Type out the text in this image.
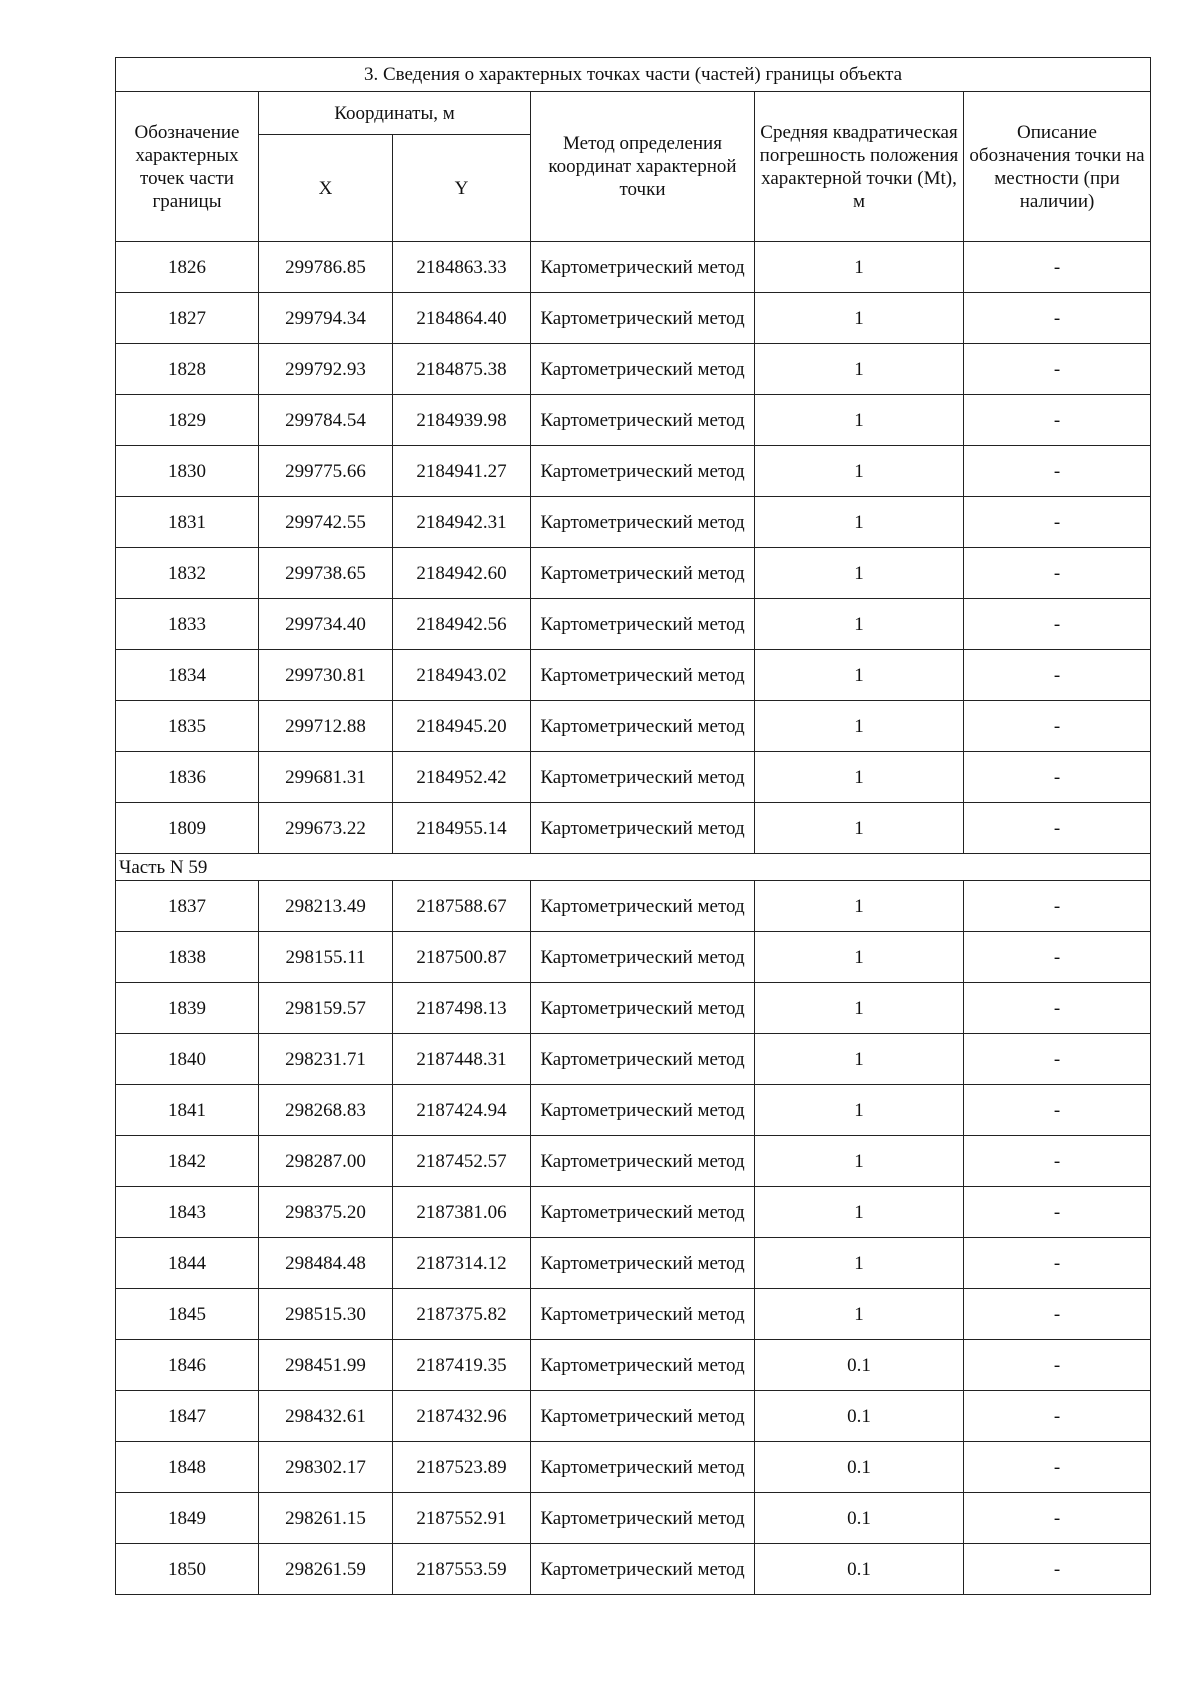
3. Сведения о характерных точках части (частей) границы объекта					
Обозначение характерных точек части границы	Координаты, м		Метод определения координат характерной точки	Средняя квадратическая погрешность положения характерной точки (Mt), м	Описание обозначения точки на местности (при наличии)
	X	Y			
1826	299786.85	2184863.33	Картометрический метод	1	-
1827	299794.34	2184864.40	Картометрический метод	1	-
1828	299792.93	2184875.38	Картометрический метод	1	-
1829	299784.54	2184939.98	Картометрический метод	1	-
1830	299775.66	2184941.27	Картометрический метод	1	-
1831	299742.55	2184942.31	Картометрический метод	1	-
1832	299738.65	2184942.60	Картометрический метод	1	-
1833	299734.40	2184942.56	Картометрический метод	1	-
1834	299730.81	2184943.02	Картометрический метод	1	-
1835	299712.88	2184945.20	Картометрический метод	1	-
1836	299681.31	2184952.42	Картометрический метод	1	-
1809	299673.22	2184955.14	Картометрический метод	1	-
Часть N 59					
1837	298213.49	2187588.67	Картометрический метод	1	-
1838	298155.11	2187500.87	Картометрический метод	1	-
1839	298159.57	2187498.13	Картометрический метод	1	-
1840	298231.71	2187448.31	Картометрический метод	1	-
1841	298268.83	2187424.94	Картометрический метод	1	-
1842	298287.00	2187452.57	Картометрический метод	1	-
1843	298375.20	2187381.06	Картометрический метод	1	-
1844	298484.48	2187314.12	Картометрический метод	1	-
1845	298515.30	2187375.82	Картометрический метод	1	-
1846	298451.99	2187419.35	Картометрический метод	0.1	-
1847	298432.61	2187432.96	Картометрический метод	0.1	-
1848	298302.17	2187523.89	Картометрический метод	0.1	-
1849	298261.15	2187552.91	Картометрический метод	0.1	-
1850	298261.59	2187553.59	Картометрический метод	0.1	-
